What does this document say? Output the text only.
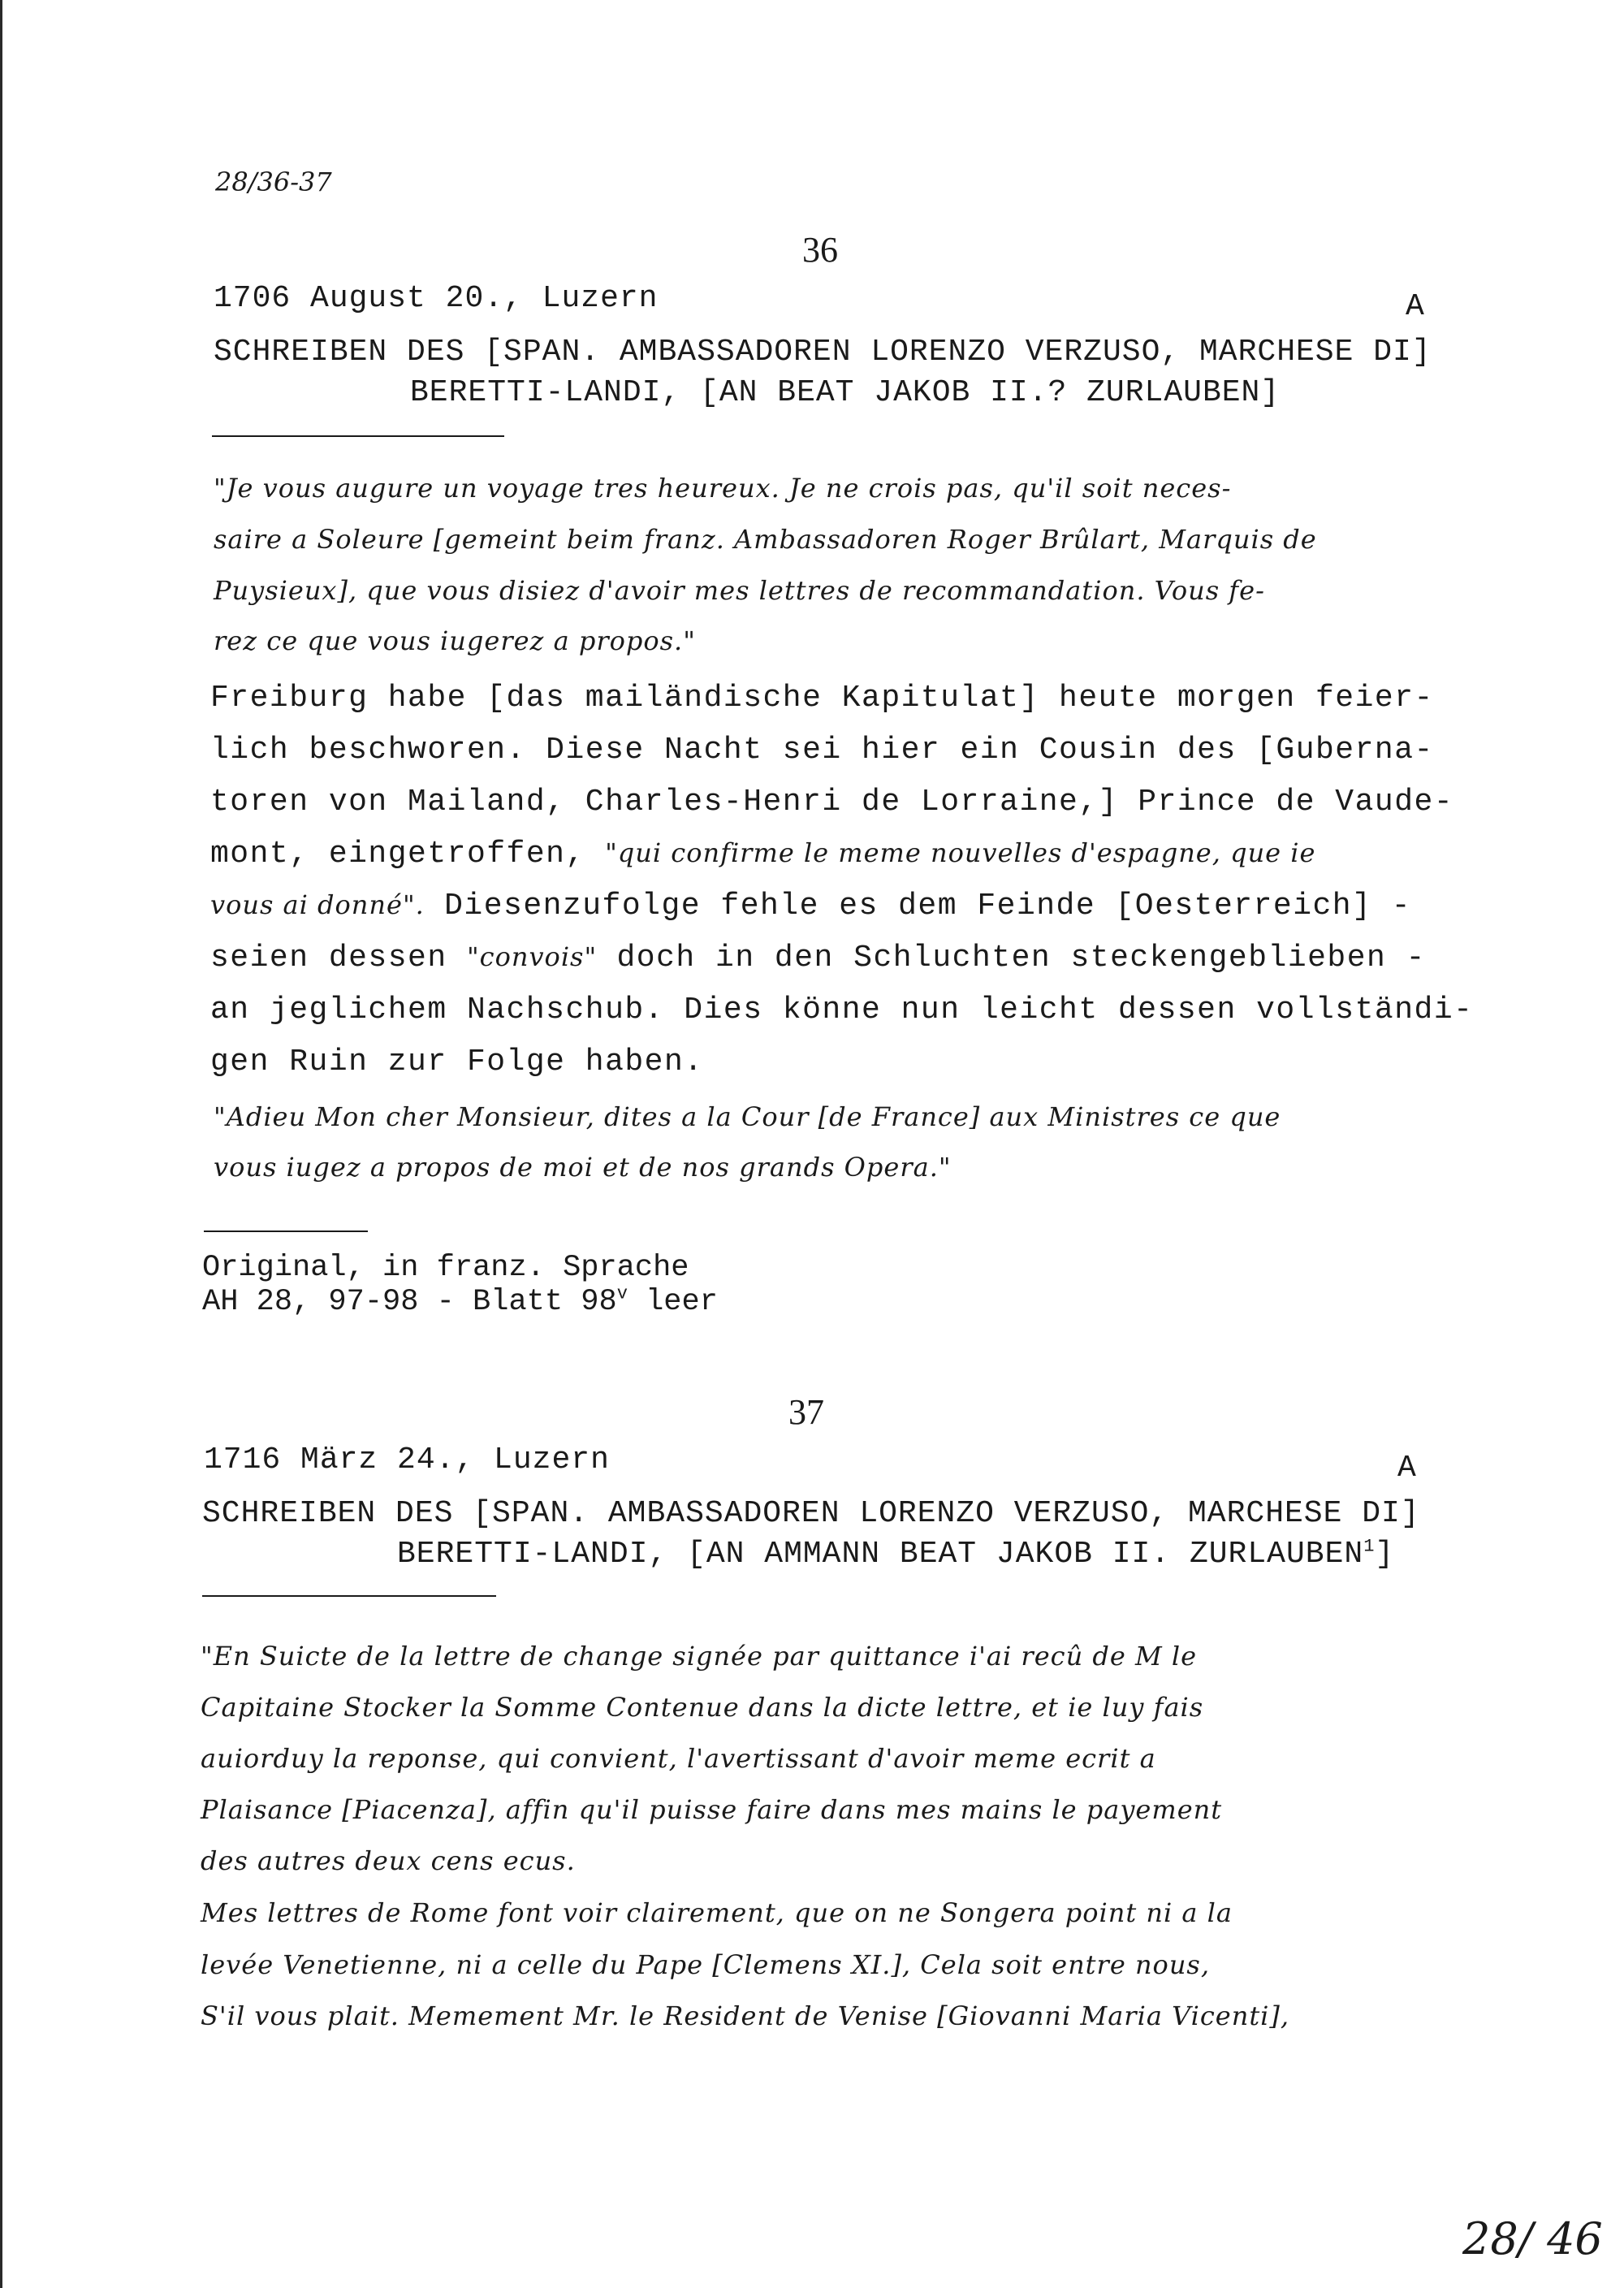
28/36-37
36
1706 August 20., Luzern	A
SCHREIBEN DES [SPAN. AMBASSADOREN LORENZO VERZUSO, MARCHESE DI]
BERETTI-LANDI, [AN BEAT JAKOB II.? ZURLAUBEN]
"Je vous augure un voyage tres heureux. Je ne crois pas, qu'il soit neces-
saire a Soleure [gemeint beim franz. Ambassadoren Roger Brûlart, Marquis de
Puysieux], que vous disiez d'avoir mes lettres de recommandation. Vous fe-
rez ce que vous iugerez a propos."
Freiburg habe [das mailändische Kapitulat] heute morgen feier-
lich beschworen. Diese Nacht sei hier ein Cousin des [Guberna-
toren von Mailand, Charles-Henri de Lorraine,] Prince de Vaude-
mont, eingetroffen, "qui confirme le meme nouvelles d'espagne, que ie
vous ai donné". Diesenzufolge fehle es dem Feinde [Oesterreich] -
seien dessen "convois" doch in den Schluchten steckengeblieben -
an jeglichem Nachschub. Dies könne nun leicht dessen vollständi-
gen Ruin zur Folge haben.
"Adieu Mon cher Monsieur, dites a la Cour [de France] aux Ministres ce que
vous iugez a propos de moi et de nos grands Opera."
Original, in franz. Sprache
AH 28, 97-98 - Blatt 98$^v$ leer
37
1716 März 24., Luzern	A
SCHREIBEN DES [SPAN. AMBASSADOREN LORENZO VERZUSO, MARCHESE DI]
BERETTI-LANDI, [AN AMMANN BEAT JAKOB II. ZURLAUBEN$^1$]
"En Suicte de la lettre de change signée par quittance i'ai recû de M le
Capitaine Stocker la Somme Contenue dans la dicte lettre, et ie luy fais
auiorduy la reponse, qui convient, l'avertissant d'avoir meme ecrit a
Plaisance [Piacenza], affin qu'il puisse faire dans mes mains le payement
des autres deux cens ecus.
Mes lettres de Rome font voir clairement, que on ne Songera point ni a la
levée Venetienne, ni a celle du Pape [Clemens XI.], Cela soit entre nous,
S'il vous plait. Memement Mr. le Resident de Venise [Giovanni Maria Vicenti],
28/ 46
